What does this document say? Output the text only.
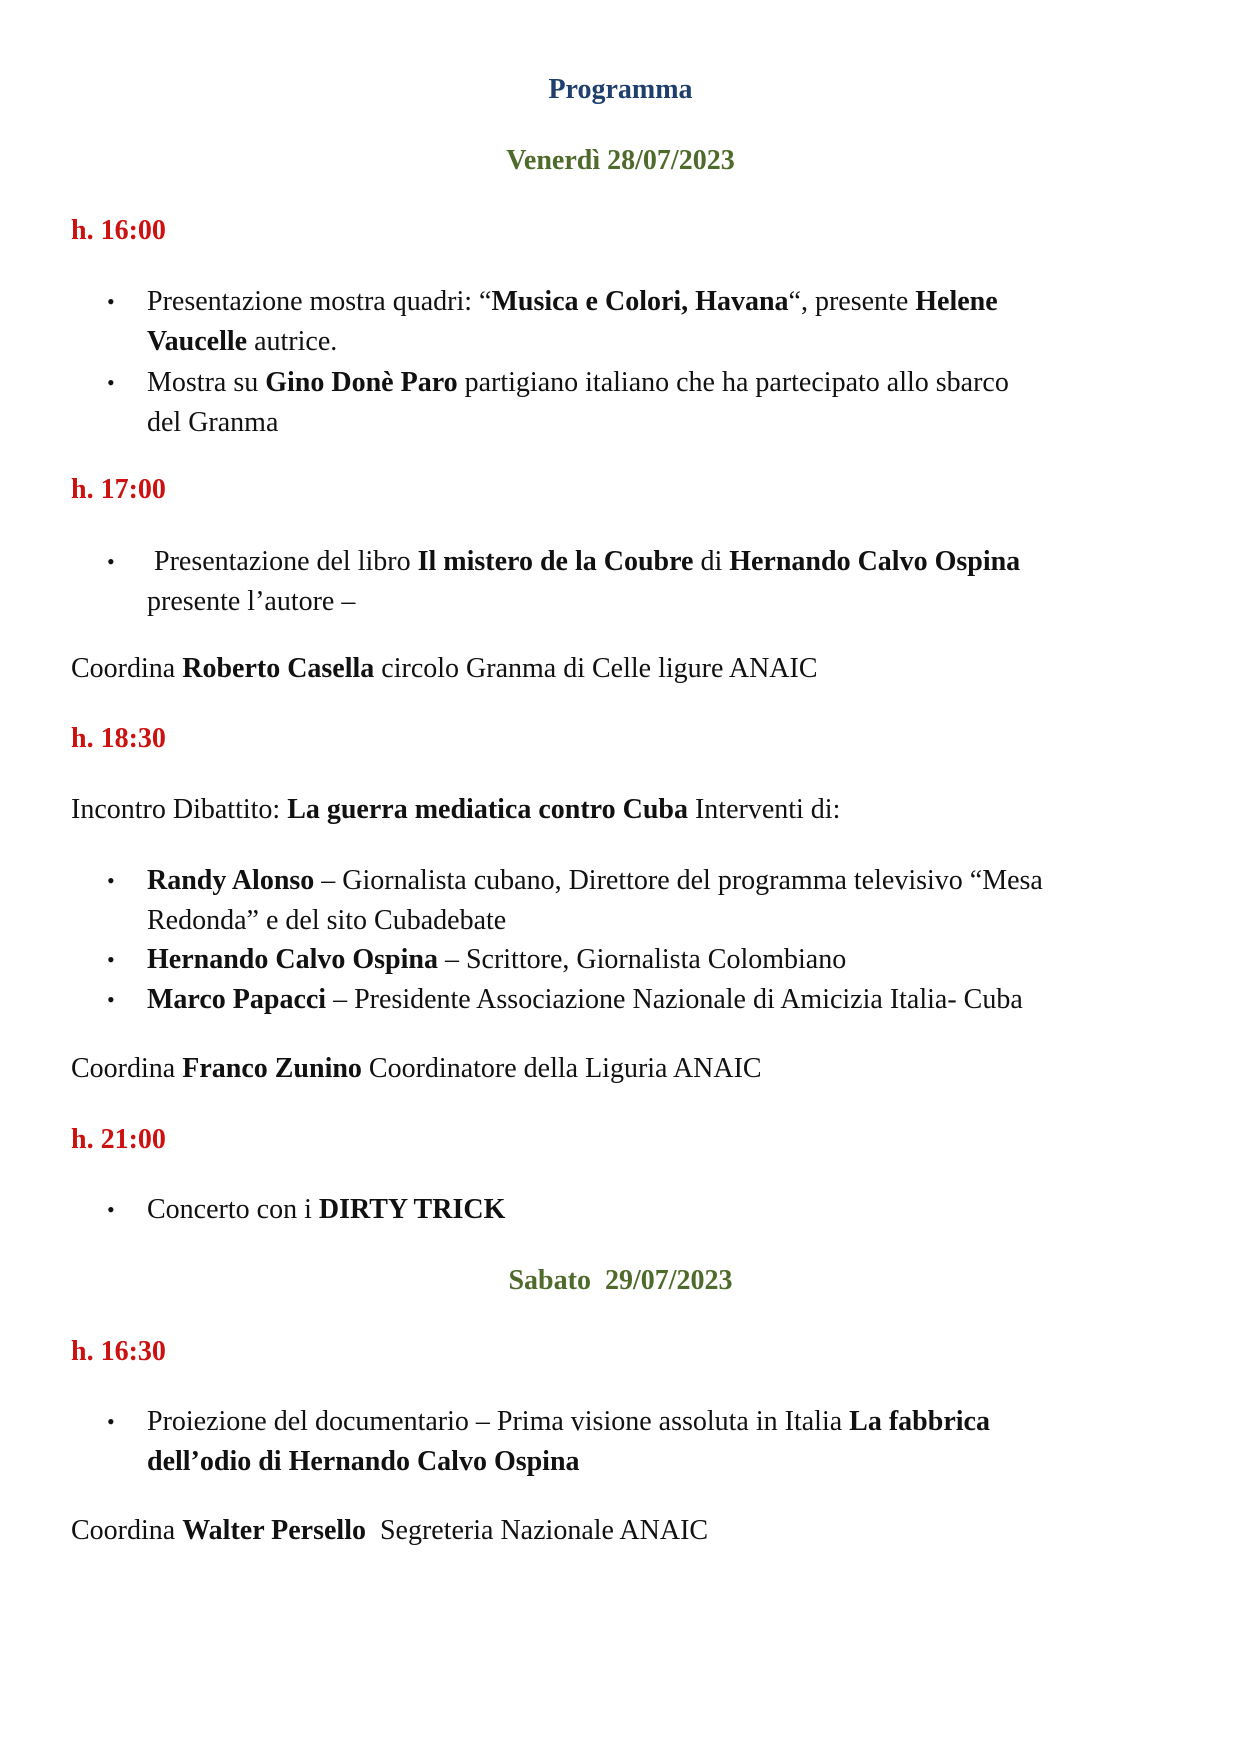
Programma
Venerdì 28/07/2023
h. 16:00
• Presentazione mostra quadri: “Musica e Colori, Havana“, presente Helene
Vaucelle autrice.
• Mostra su Gino Donè Paro partigiano italiano che ha partecipato allo sbarco
del Granma
h. 17:00
• Presentazione del libro Il mistero de la Coubre di Hernando Calvo Ospina
presente l’autore –
Coordina Roberto Casella circolo Granma di Celle ligure ANAIC
h. 18:30
Incontro Dibattito: La guerra mediatica contro Cuba Interventi di:
• Randy Alonso – Giornalista cubano, Direttore del programma televisivo “Mesa
Redonda” e del sito Cubadebate
• Hernando Calvo Ospina – Scrittore, Giornalista Colombiano
• Marco Papacci – Presidente Associazione Nazionale di Amicizia Italia- Cuba
Coordina Franco Zunino Coordinatore della Liguria ANAIC
h. 21:00
• Concerto con i DIRTY TRICK
Sabato  29/07/2023
h. 16:30
• Proiezione del documentario – Prima visione assoluta in Italia La fabbrica
dell’odio di Hernando Calvo Ospina
Coordina Walter Persello  Segreteria Nazionale ANAIC
